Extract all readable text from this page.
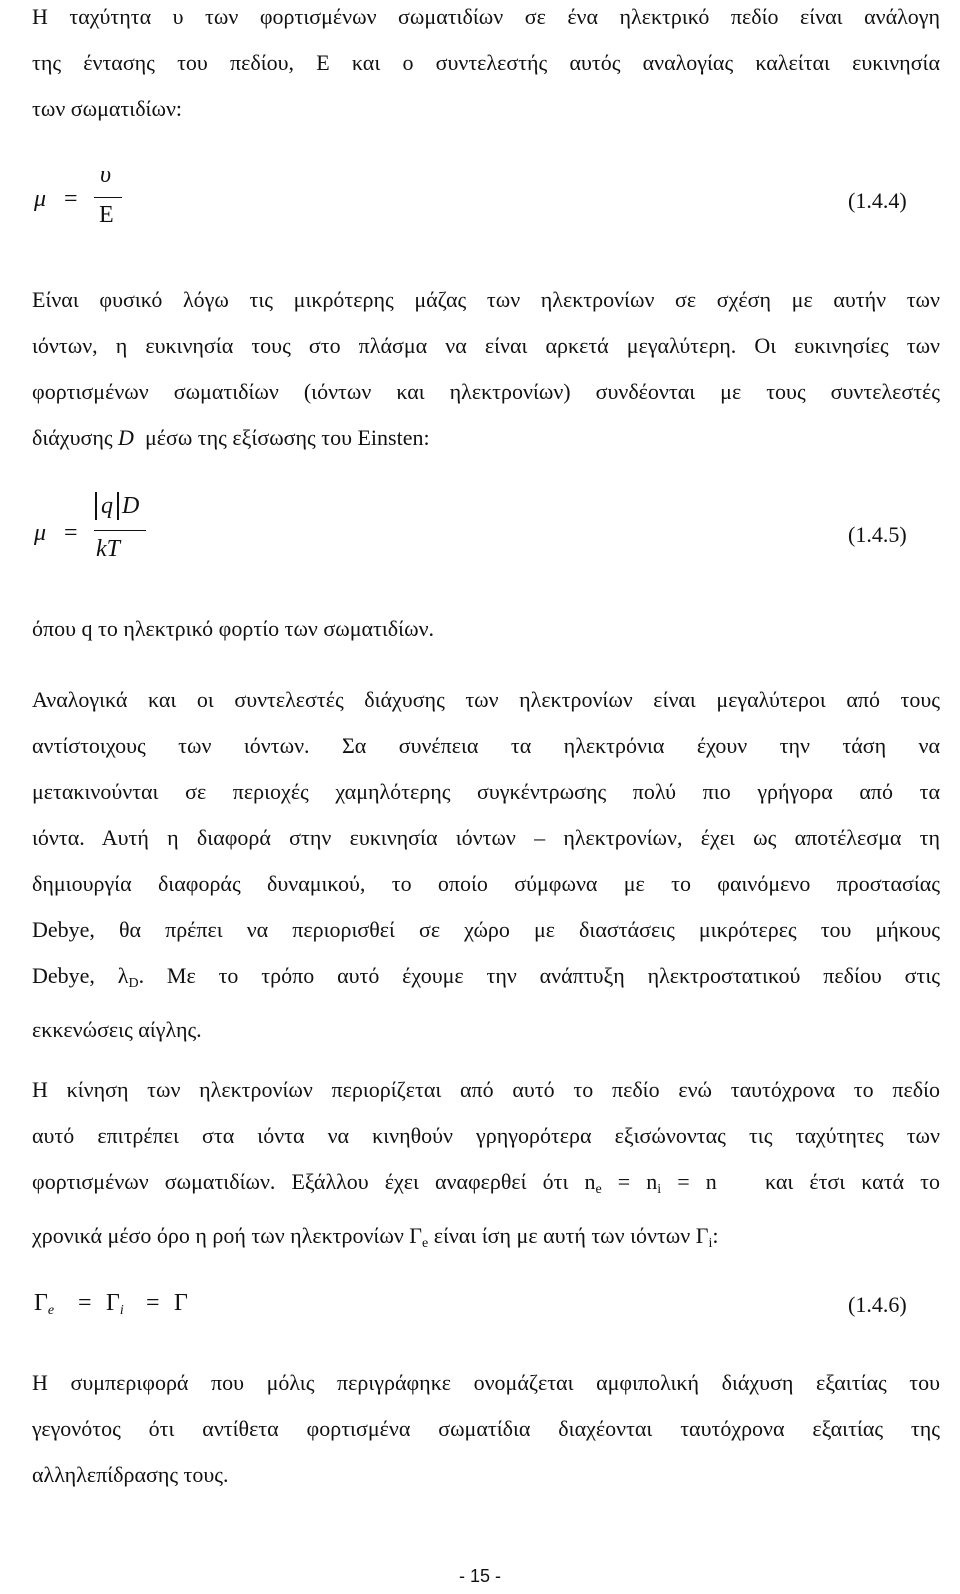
Η ταχύτητα υ των φορτισμένων σωματιδίων σε ένα ηλεκτρικό πεδίο είναι ανάλογη
της έντασης του πεδίου, Ε και ο συντελεστής αυτός αναλογίας καλείται ευκινησία
των σωματιδίων:
μ =
υ
Ε
(1.4.4)
Είναι φυσικό λόγω τις μικρότερης μάζας των ηλεκτρονίων σε σχέση με αυτήν των
ιόντων, η ευκινησία τους στο πλάσμα να είναι αρκετά μεγαλύτερη. Οι ευκινησίες των
φορτισμένων σωματιδίων (ιόντων και ηλεκτρονίων) συνδέονται με τους συντελεστές
διάχυσης D  μέσω της εξίσωσης του Einsten:
μ =
q D
kT
(1.4.5)
όπου q το ηλεκτρικό φορτίο των σωματιδίων.
Αναλογικά και οι συντελεστές διάχυσης των ηλεκτρονίων είναι μεγαλύτεροι από τους
αντίστοιχους των ιόντων. Σα συνέπεια τα ηλεκτρόνια έχουν την τάση να
μετακινούνται σε περιοχές χαμηλότερης συγκέντρωσης πολύ πιο γρήγορα από τα
ιόντα. Αυτή η διαφορά στην ευκινησία ιόντων – ηλεκτρονίων, έχει ως αποτέλεσμα τη
δημιουργία διαφοράς δυναμικού, το οποίο σύμφωνα με το φαινόμενο προστασίας
Debye, θα πρέπει να περιορισθεί σε χώρο με διαστάσεις μικρότερες του μήκους
Debye, $\lambda_D$. Με το τρόπο αυτό έχουμε την ανάπτυξη ηλεκτροστατικού πεδίου στις
εκκενώσεις αίγλης.
Η κίνηση των ηλεκτρονίων περιορίζεται από αυτό το πεδίο ενώ ταυτόχρονα το πεδίο
αυτό επιτρέπει στα ιόντα να κινηθούν γρηγορότερα εξισώνοντας τις ταχύτητες των
φορτισμένων σωματιδίων. Εξάλλου έχει αναφερθεί ότι $n_e = n_i = n$   και έτσι κατά το
χρονικά μέσο όρο η ροή των ηλεκτρονίων $\Gamma_e$ είναι ίση με αυτή των ιόντων $\Gamma_i$:
$\Gamma_e = \Gamma_i = \Gamma$	(1.4.6)
Η συμπεριφορά που μόλις περιγράφηκε ονομάζεται αμφιπολική διάχυση εξαιτίας του
γεγονότος ότι αντίθετα φορτισμένα σωματίδια διαχέονται ταυτόχρονα εξαιτίας της
αλληλεπίδρασης τους.
- 15 -
